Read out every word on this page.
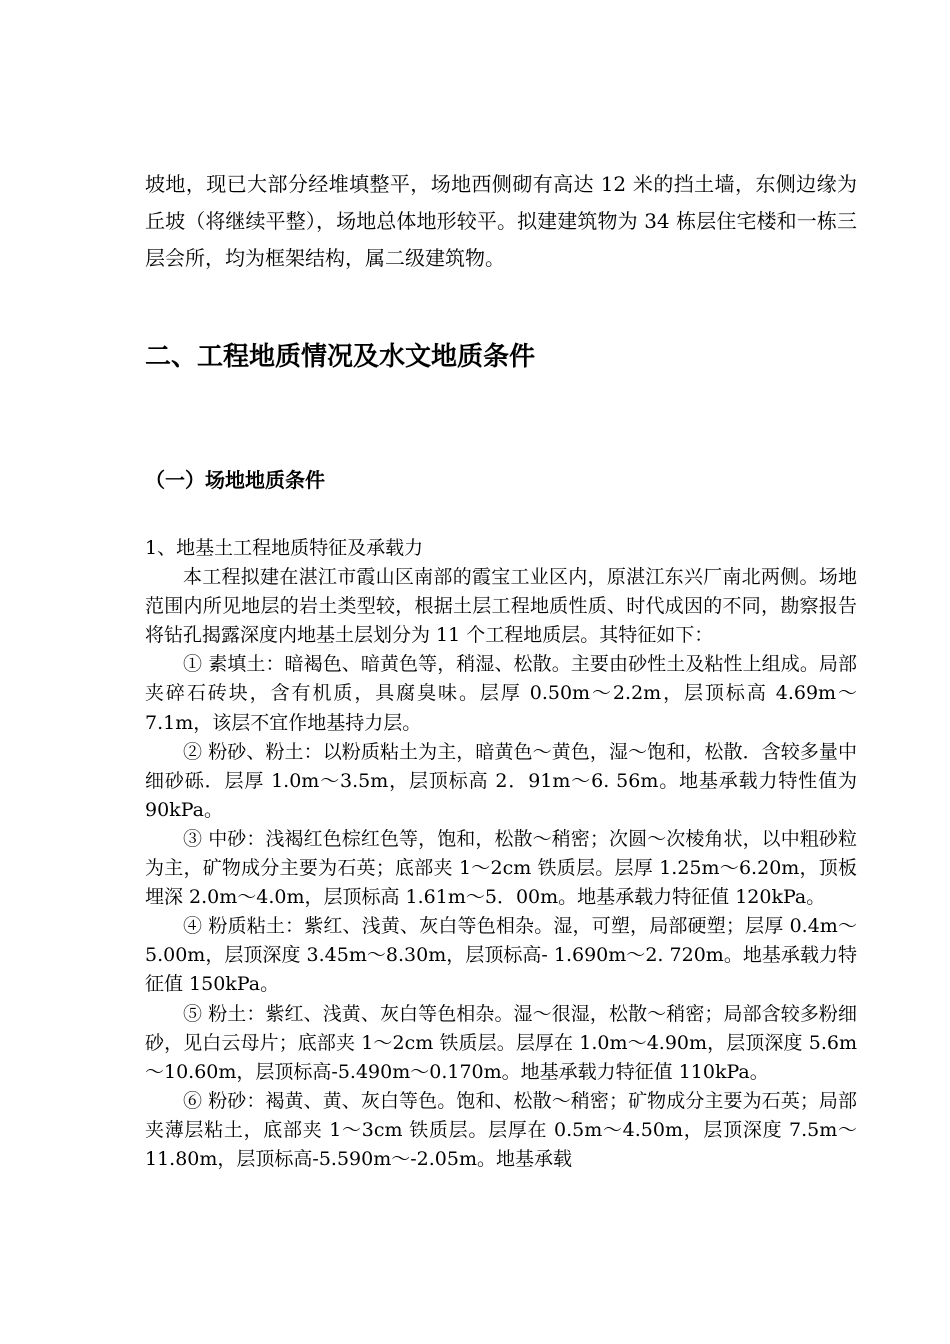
坡地，现已大部分经堆填整平，场地西侧砌有高达 12 米的挡土墙，东侧边缘为丘坡（将继续平整），场地总体地形较平。拟建建筑物为 34 栋层住宅楼和一栋三层会所，均为框架结构，属二级建筑物。

二、工程地质情况及水文地质条件
（一）场地地质条件

1、地基土工程地质特征及承载力

本工程拟建在湛江市霞山区南部的霞宝工业区内，原湛江东兴厂南北两侧。场地范围内所见地层的岩土类型较，根据土层工程地质性质、时代成因的不同，勘察报告将钻孔揭露深度内地基土层划分为 11 个工程地质层。其特征如下：

① 素填土：暗褐色、暗黄色等，稍湿、松散。主要由砂性土及粘性上组成。局部夹碎石砖块，含有机质，具腐臭味。层厚 0.50m～2.2m，层顶标高 4.69m～7.1m，该层不宜作地基持力层。

② 粉砂、粉土：以粉质粘土为主，暗黄色～黄色，湿～饱和，松散．含较多量中细砂砾．层厚 1.0m～3.5m，层顶标高 2．91m～6. 56m。地基承载力特性值为 90kPa。

③ 中砂：浅褐红色棕红色等，饱和，松散～稍密；次圆～次棱角状，以中粗砂粒为主，矿物成分主要为石英；底部夹 1～2cm 铁质层。层厚 1.25m～6.20m，顶板埋深 2.0m～4.0m，层顶标高 1.61m～5．00m。地基承载力特征值 120kPa。

④ 粉质粘土：紫红、浅黄、灰白等色相杂。湿，可塑，局部硬塑；层厚 0.4m～5.00m，层顶深度 3.45m～8.30m，层顶标高- 1.690m～2. 720m。地基承载力特征值 150kPa。

⑤ 粉土：紫红、浅黄、灰白等色相杂。湿～很湿，松散～稍密；局部含较多粉细砂，见白云母片；底部夹 1～2cm 铁质层。层厚在 1.0m～4.90m，层顶深度 5.6m～10.60m，层顶标高-5.490m～0.170m。地基承载力特征值 110kPa。

⑥ 粉砂：褐黄、黄、灰白等色。饱和、松散～稍密；矿物成分主要为石英；局部夹薄层粘土，底部夹 1～3cm 铁质层。层厚在 0.5m～4.50m，层顶深度 7.5m～ 11.80m，层顶标高-5.590m～-2.05m。地基承载
